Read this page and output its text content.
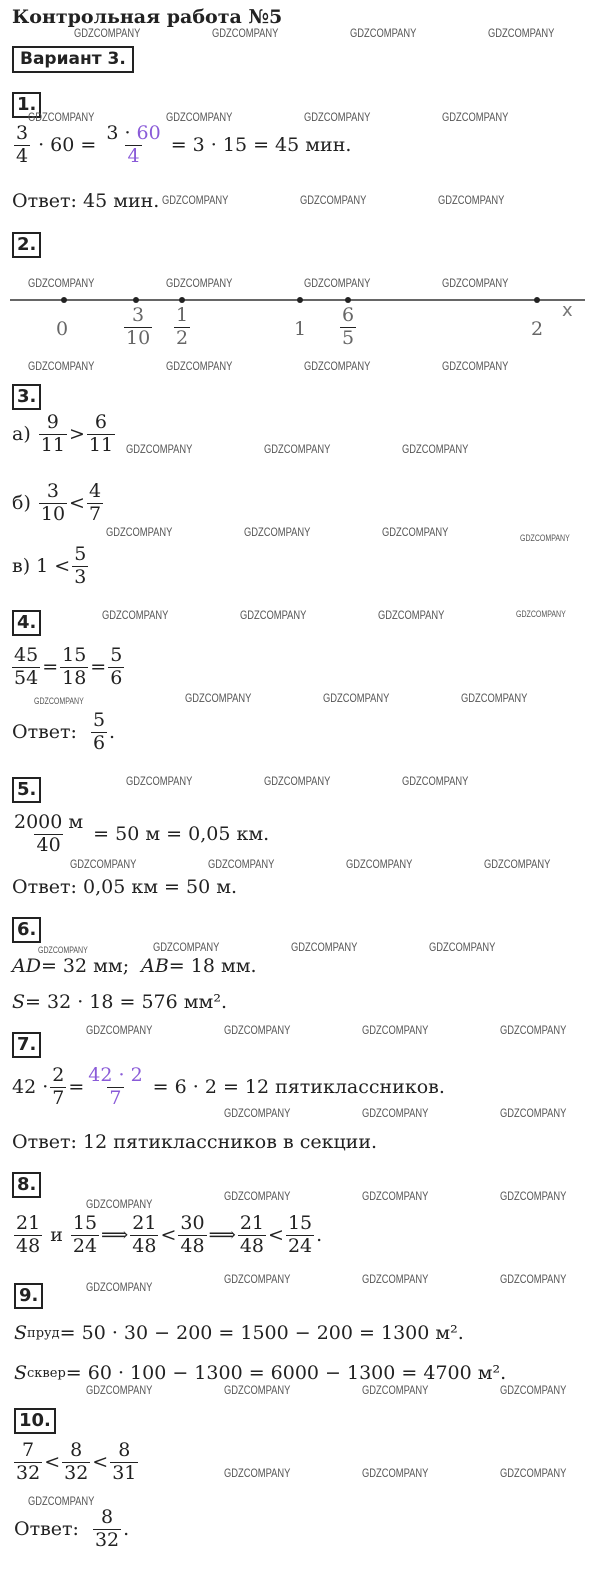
Контрольная работа №5
Вариант 3.
1.
$\frac{3}{4} \cdot 60 = \frac{3 \cdot 60}{4} = 3 \cdot 15 = 45$ мин.
Ответ: 45 мин.
2.
x
0	$\frac{3}{10} \frac{1}{2}$	$1 \frac{6}{5}$	2
3.
$а) \frac{9}{11} > \frac{6}{11}$
$б) \frac{3}{10} < \frac{4}{7}$
в) $1 < \frac{5}{3}$
4.
$\frac{45}{54} = \frac{15}{18} = \frac{5}{6}$
Ответ: $\frac{5}{6}$ .
5.
$\frac{2000 м}{40} = 50$ м = 0,05 км.
Ответ: 0,05 км = 50 м.
6.
AD = 32 мм; AB = 18 мм.
S = 32 · 18 = 576 мм².
7.
$42 \cdot \frac{2}{7} = \frac{42 \cdot 2}{7} = 6 \cdot 2 = 12$ пятиклассников.
Ответ: 12 пятиклассников в секции.
8.
$\frac{21}{48}$ и $\frac{15}{24}$ ⟹ $\frac{21}{48} < \frac{30}{48}$ ⟹ $\frac{21}{48} < \frac{15}{24}$ .
9.
S пруд = 50 · 30 − 200 = 1500 − 200 = 1300 м².
S сквер = 60 · 100 − 1300 = 6000 − 1300 = 4700 м².
10.
$\frac{7}{32} < \frac{8}{32} < \frac{8}{31}$
Ответ: $\frac{8}{32}$ .
GDZCOMPANY	GDZCOMPANY	GDZCOMPANY	GDZCOMPANY
GDZCOMPANY	GDZCOMPANY	GDZCOMPANY	GDZCOMPANY
GDZCOMPANY	GDZCOMPANY	GDZCOMPANY
GDZCOMPANY	GDZCOMPANY	GDZCOMPANY	GDZCOMPANY
GDZCOMPANY	GDZCOMPANY	GDZCOMPANY	GDZCOMPANY
GDZCOMPANY	GDZCOMPANY	GDZCOMPANY
GDZCOMPANY	GDZCOMPANY	GDZCOMPANY
GDZCOMPANY	GDZCOMPANY	GDZCOMPANY
GDZCOMPANY	GDZCOMPANY	GDZCOMPANY
GDZCOMPANY	GDZCOMPANY	GDZCOMPANY
GDZCOMPANY	GDZCOMPANY	GDZCOMPANY	GDZCOMPANY
GDZCOMPANY	GDZCOMPANY	GDZCOMPANY
GDZCOMPANY	GDZCOMPANY	GDZCOMPANY	GDZCOMPANY
GDZCOMPANY	GDZCOMPANY	GDZCOMPANY
GDZCOMPANY
GDZCOMPANY	GDZCOMPANY	GDZCOMPANY
GDZCOMPANY
GDZCOMPANY	GDZCOMPANY	GDZCOMPANY
GDZCOMPANY	GDZCOMPANY	GDZCOMPANY	GDZCOMPANY
GDZCOMPANY	GDZCOMPANY	GDZCOMPANY
GDZCOMPANY
GDZCOMPANY
GDZCOMPANY
GDZCOMPANY
GDZCOMPANY
